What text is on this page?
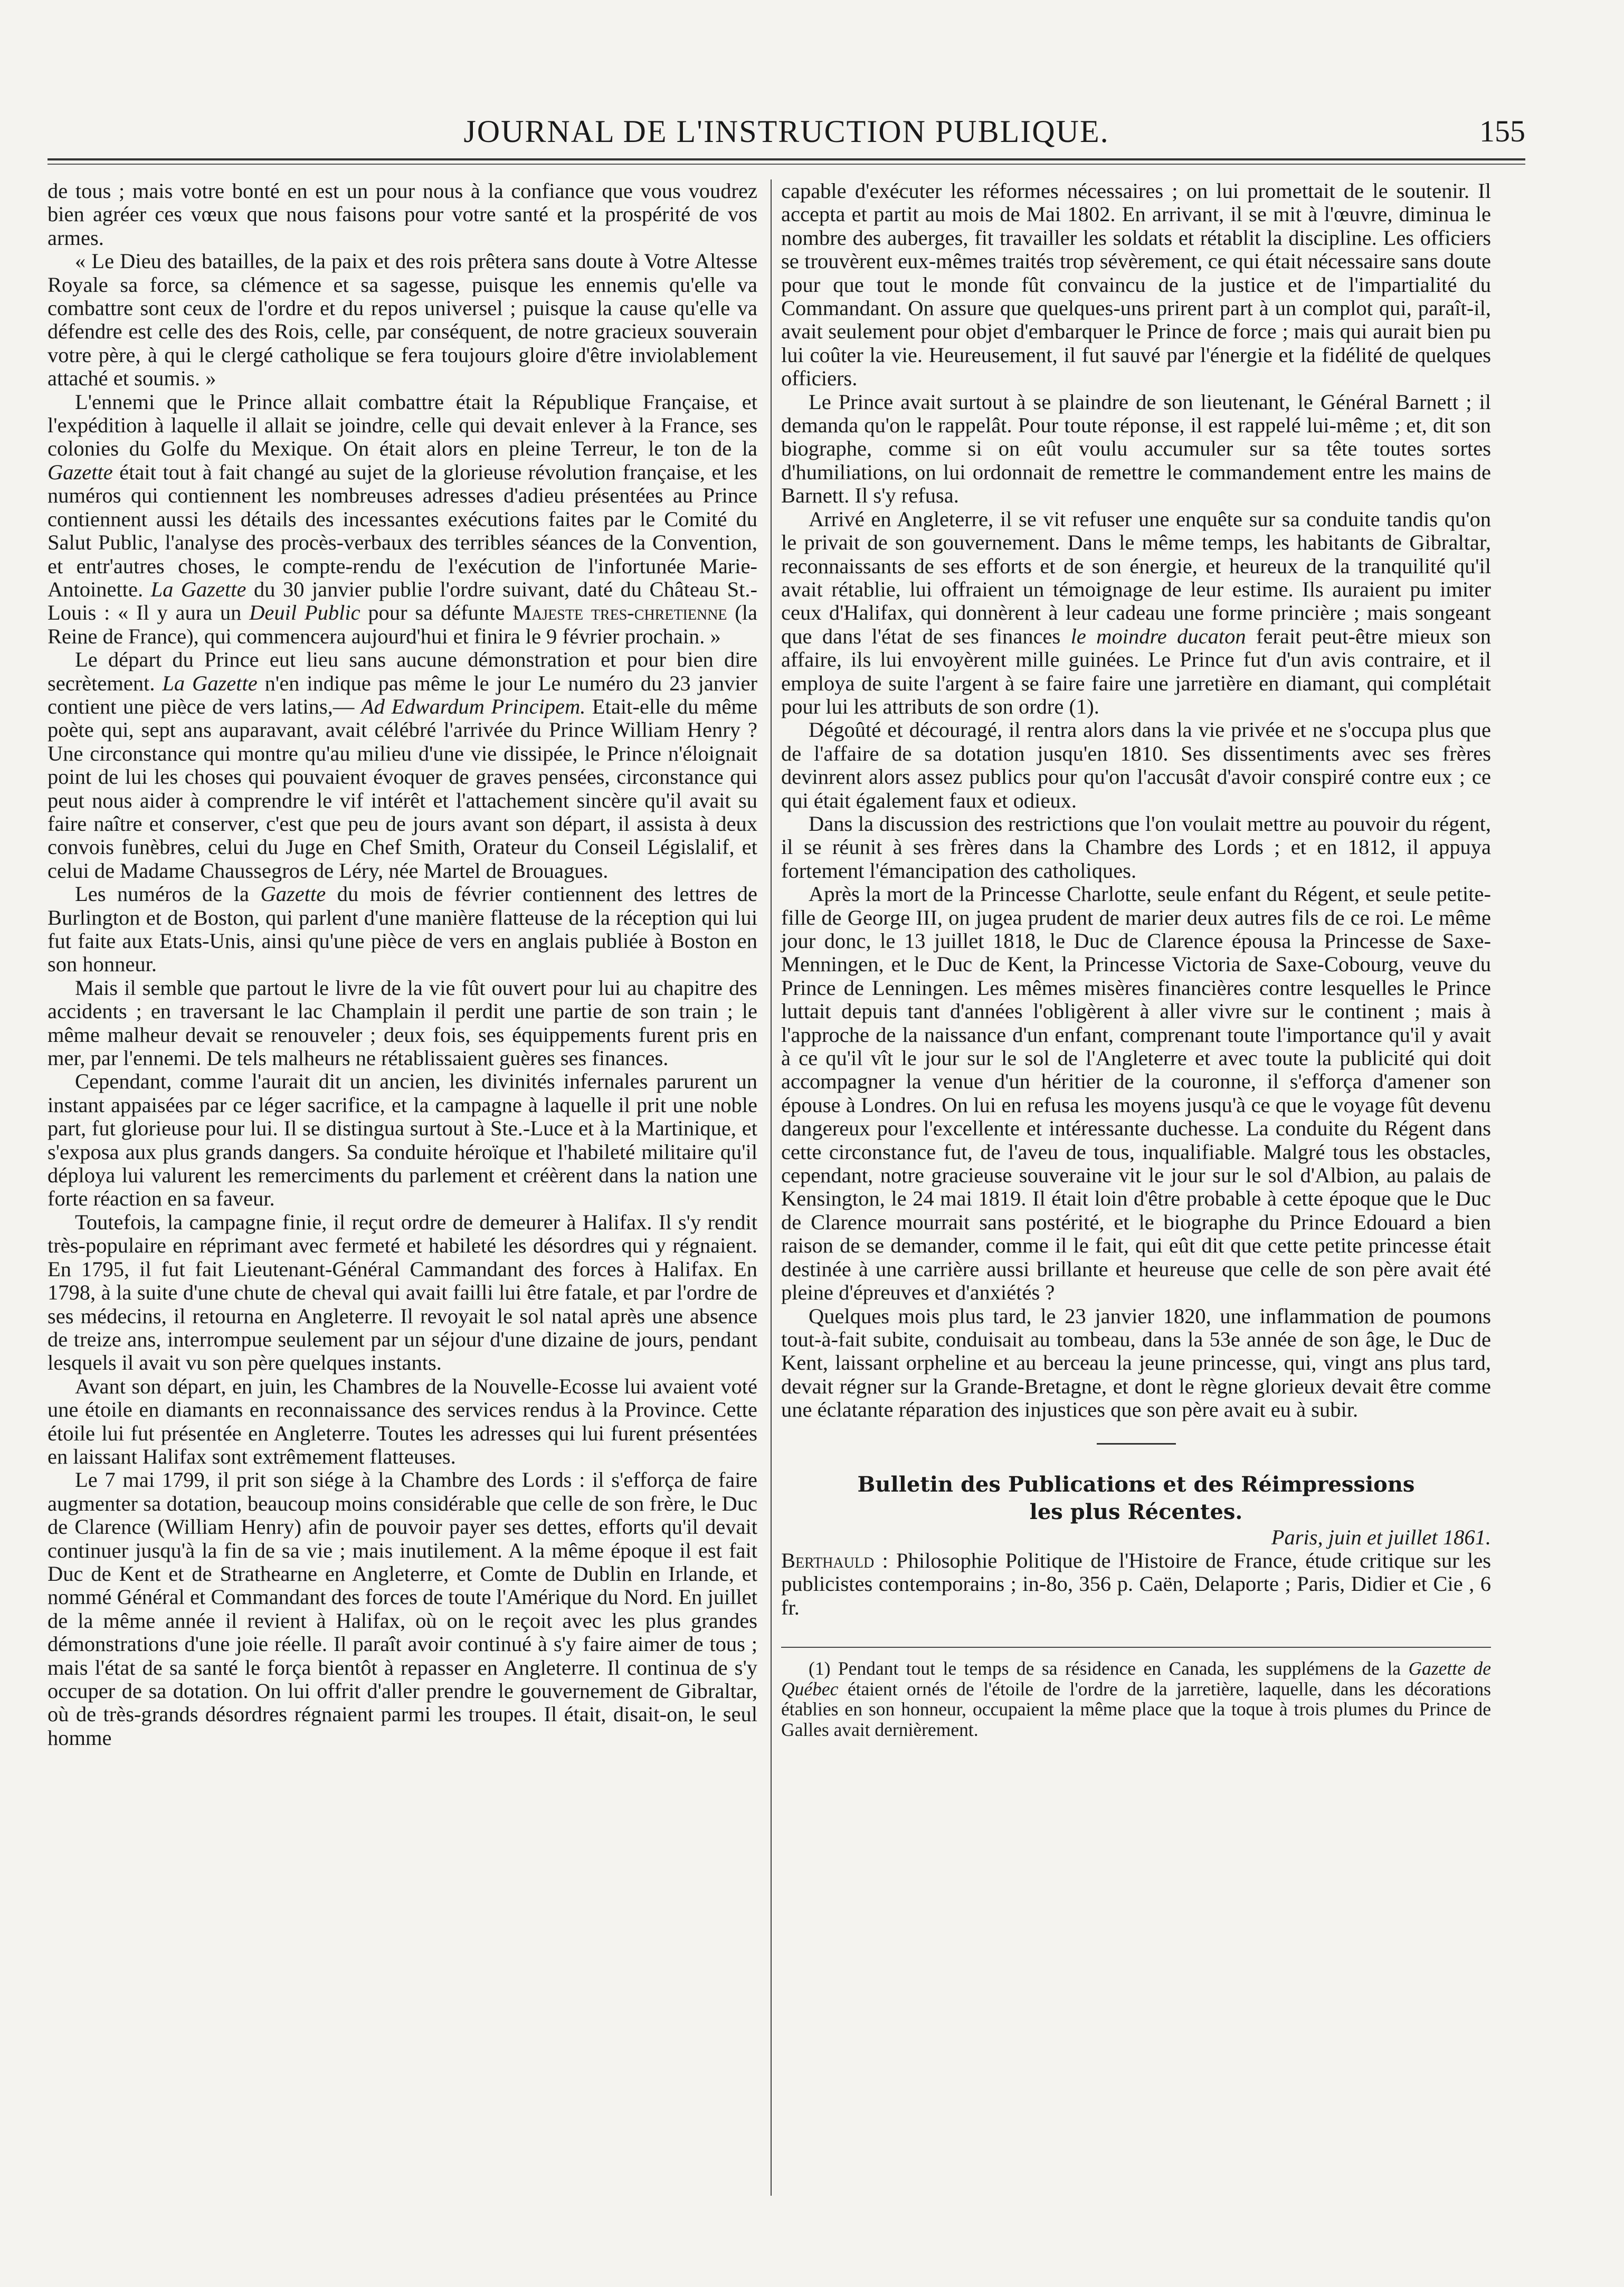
JOURNAL DE L'INSTRUCTION PUBLIQUE.	155

de tous ; mais votre bonté en est un pour nous à la confiance que vous voudrez bien agréer ces vœux que nous faisons pour votre santé et la prospérité de vos armes.

« Le Dieu des batailles, de la paix et des rois prêtera sans doute à Votre Altesse Royale sa force, sa clémence et sa sagesse, puisque les ennemis qu'elle va combattre sont ceux de l'ordre et du repos universel ; puisque la cause qu'elle va défendre est celle des des Rois, celle, par conséquent, de notre gracieux souverain votre père, à qui le clergé catholique se fera toujours gloire d'être inviolablement attaché et soumis. »

L'ennemi que le Prince allait combattre était la République Française, et l'expédition à laquelle il allait se joindre, celle qui devait enlever à la France, ses colonies du Golfe du Mexique. On était alors en pleine Terreur, le ton de la Gazette était tout à fait changé au sujet de la glorieuse révolution française, et les numéros qui contiennent les nombreuses adresses d'adieu présentées au Prince contiennent aussi les détails des incessantes exécutions faites par le Comité du Salut Public, l'analyse des procès-verbaux des terribles séances de la Convention, et entr'autres choses, le compte-rendu de l'exécution de l'infortunée Marie-Antoinette. La Gazette du 30 janvier publie l'ordre suivant, daté du Château St.-Louis : « Il y aura un Deuil Public pour sa défunte Majeste tres-chretienne (la Reine de France), qui commencera aujourd'hui et finira le 9 février prochain. »

Le départ du Prince eut lieu sans aucune démonstration et pour bien dire secrètement. La Gazette n'en indique pas même le jour Le numéro du 23 janvier contient une pièce de vers latins,— Ad Edwardum Principem. Etait-elle du même poète qui, sept ans auparavant, avait célébré l'arrivée du Prince William Henry ? Une circonstance qui montre qu'au milieu d'une vie dissipée, le Prince n'éloignait point de lui les choses qui pouvaient évoquer de graves pensées, circonstance qui peut nous aider à comprendre le vif intérêt et l'attachement sincère qu'il avait su faire naître et conserver, c'est que peu de jours avant son départ, il assista à deux convois funèbres, celui du Juge en Chef Smith, Orateur du Conseil Législalif, et celui de Madame Chaussegros de Léry, née Martel de Brouagues.

Les numéros de la Gazette du mois de février contiennent des lettres de Burlington et de Boston, qui parlent d'une manière flatteuse de la réception qui lui fut faite aux Etats-Unis, ainsi qu'une pièce de vers en anglais publiée à Boston en son honneur.

Mais il semble que partout le livre de la vie fût ouvert pour lui au chapitre des accidents ; en traversant le lac Champlain il perdit une partie de son train ; le même malheur devait se renouveler ; deux fois, ses équippements furent pris en mer, par l'ennemi. De tels malheurs ne rétablissaient guères ses finances.

Cependant, comme l'aurait dit un ancien, les divinités infernales parurent un instant appaisées par ce léger sacrifice, et la campagne à laquelle il prit une noble part, fut glorieuse pour lui. Il se distingua surtout à Ste.-Luce et à la Martinique, et s'exposa aux plus grands dangers. Sa conduite héroïque et l'habileté militaire qu'il déploya lui valurent les remerciments du parlement et créèrent dans la nation une forte réaction en sa faveur.

Toutefois, la campagne finie, il reçut ordre de demeurer à Halifax. Il s'y rendit très-populaire en réprimant avec fermeté et habileté les désordres qui y régnaient. En 1795, il fut fait Lieutenant-Général Cammandant des forces à Halifax. En 1798, à la suite d'une chute de cheval qui avait failli lui être fatale, et par l'ordre de ses médecins, il retourna en Angleterre. Il revoyait le sol natal après une absence de treize ans, interrompue seulement par un séjour d'une dizaine de jours, pendant lesquels il avait vu son père quelques instants.

Avant son départ, en juin, les Chambres de la Nouvelle-Ecosse lui avaient voté une étoile en diamants en reconnaissance des services rendus à la Province. Cette étoile lui fut présentée en Angleterre. Toutes les adresses qui lui furent présentées en laissant Halifax sont extrêmement flatteuses.

Le 7 mai 1799, il prit son siége à la Chambre des Lords : il s'efforça de faire augmenter sa dotation, beaucoup moins considérable que celle de son frère, le Duc de Clarence (William Henry) afin de pouvoir payer ses dettes, efforts qu'il devait continuer jusqu'à la fin de sa vie ; mais inutilement. A la même époque il est fait Duc de Kent et de Strathearne en Angleterre, et Comte de Dublin en Irlande, et nommé Général et Commandant des forces de toute l'Amérique du Nord. En juillet de la même année il revient à Halifax, où on le reçoit avec les plus grandes démonstrations d'une joie réelle. Il paraît avoir continué à s'y faire aimer de tous ; mais l'état de sa santé le força bientôt à repasser en Angleterre. Il continua de s'y occuper de sa dotation. On lui offrit d'aller prendre le gouvernement de Gibraltar, où de très-grands désordres régnaient parmi les troupes. Il était, disait-on, le seul homme

capable d'exécuter les réformes nécessaires ; on lui promettait de le soutenir. Il accepta et partit au mois de Mai 1802. En arrivant, il se mit à l'œuvre, diminua le nombre des auberges, fit travailler les soldats et rétablit la discipline. Les officiers se trouvèrent eux-mêmes traités trop sévèrement, ce qui était nécessaire sans doute pour que tout le monde fût convaincu de la justice et de l'impartialité du Commandant. On assure que quelques-uns prirent part à un complot qui, paraît-il, avait seulement pour objet d'embarquer le Prince de force ; mais qui aurait bien pu lui coûter la vie. Heureusement, il fut sauvé par l'énergie et la fidélité de quelques officiers.

Le Prince avait surtout à se plaindre de son lieutenant, le Général Barnett ; il demanda qu'on le rappelât. Pour toute réponse, il est rappelé lui-même ; et, dit son biographe, comme si on eût voulu accumuler sur sa tête toutes sortes d'humiliations, on lui ordonnait de remettre le commandement entre les mains de Barnett. Il s'y refusa.

Arrivé en Angleterre, il se vit refuser une enquête sur sa conduite tandis qu'on le privait de son gouvernement. Dans le même temps, les habitants de Gibraltar, reconnaissants de ses efforts et de son énergie, et heureux de la tranquilité qu'il avait rétablie, lui offraient un témoignage de leur estime. Ils auraient pu imiter ceux d'Halifax, qui donnèrent à leur cadeau une forme princière ; mais songeant que dans l'état de ses finances le moindre ducaton ferait peut-être mieux son affaire, ils lui envoyèrent mille guinées. Le Prince fut d'un avis contraire, et il employa de suite l'argent à se faire faire une jarretière en diamant, qui complétait pour lui les attributs de son ordre (1).

Dégoûté et découragé, il rentra alors dans la vie privée et ne s'occupa plus que de l'affaire de sa dotation jusqu'en 1810. Ses dissentiments avec ses frères devinrent alors assez publics pour qu'on l'accusât d'avoir conspiré contre eux ; ce qui était également faux et odieux.

Dans la discussion des restrictions que l'on voulait mettre au pouvoir du régent, il se réunit à ses frères dans la Chambre des Lords ; et en 1812, il appuya fortement l'émancipation des catholiques.

Après la mort de la Princesse Charlotte, seule enfant du Régent, et seule petite-fille de George III, on jugea prudent de marier deux autres fils de ce roi. Le même jour donc, le 13 juillet 1818, le Duc de Clarence épousa la Princesse de Saxe-Menningen, et le Duc de Kent, la Princesse Victoria de Saxe-Cobourg, veuve du Prince de Lenningen. Les mêmes misères financières contre lesquelles le Prince luttait depuis tant d'années l'obligèrent à aller vivre sur le continent ; mais à l'approche de la naissance d'un enfant, comprenant toute l'importance qu'il y avait à ce qu'il vît le jour sur le sol de l'Angleterre et avec toute la publicité qui doit accompagner la venue d'un héritier de la couronne, il s'efforça d'amener son épouse à Londres. On lui en refusa les moyens jusqu'à ce que le voyage fût devenu dangereux pour l'excellente et intéressante duchesse. La conduite du Régent dans cette circonstance fut, de l'aveu de tous, inqualifiable. Malgré tous les obstacles, cependant, notre gracieuse souveraine vit le jour sur le sol d'Albion, au palais de Kensington, le 24 mai 1819. Il était loin d'être probable à cette époque que le Duc de Clarence mourrait sans postérité, et le biographe du Prince Edouard a bien raison de se demander, comme il le fait, qui eût dit que cette petite princesse était destinée à une carrière aussi brillante et heureuse que celle de son père avait été pleine d'épreuves et d'anxiétés ?

Quelques mois plus tard, le 23 janvier 1820, une inflammation de poumons tout-à-fait subite, conduisait au tombeau, dans la 53e année de son âge, le Duc de Kent, laissant orpheline et au berceau la jeune princesse, qui, vingt ans plus tard, devait régner sur la Grande-Bretagne, et dont le règne glorieux devait être comme une éclatante réparation des injustices que son père avait eu à subir.

Bulletin des Publications et des Réimpressions

les plus Récentes.

Paris, juin et juillet 1861.

Berthauld : Philosophie Politique de l'Histoire de France, étude critique sur les publicistes contemporains ; in-8o, 356 p. Caën, Delaporte ; Paris, Didier et Cie , 6 fr.

(1) Pendant tout le temps de sa résidence en Canada, les supplémens de la Gazette de Québec étaient ornés de l'étoile de l'ordre de la jarretière, laquelle, dans les décorations établies en son honneur, occupaient la même place que la toque à trois plumes du Prince de Galles avait dernièrement.
